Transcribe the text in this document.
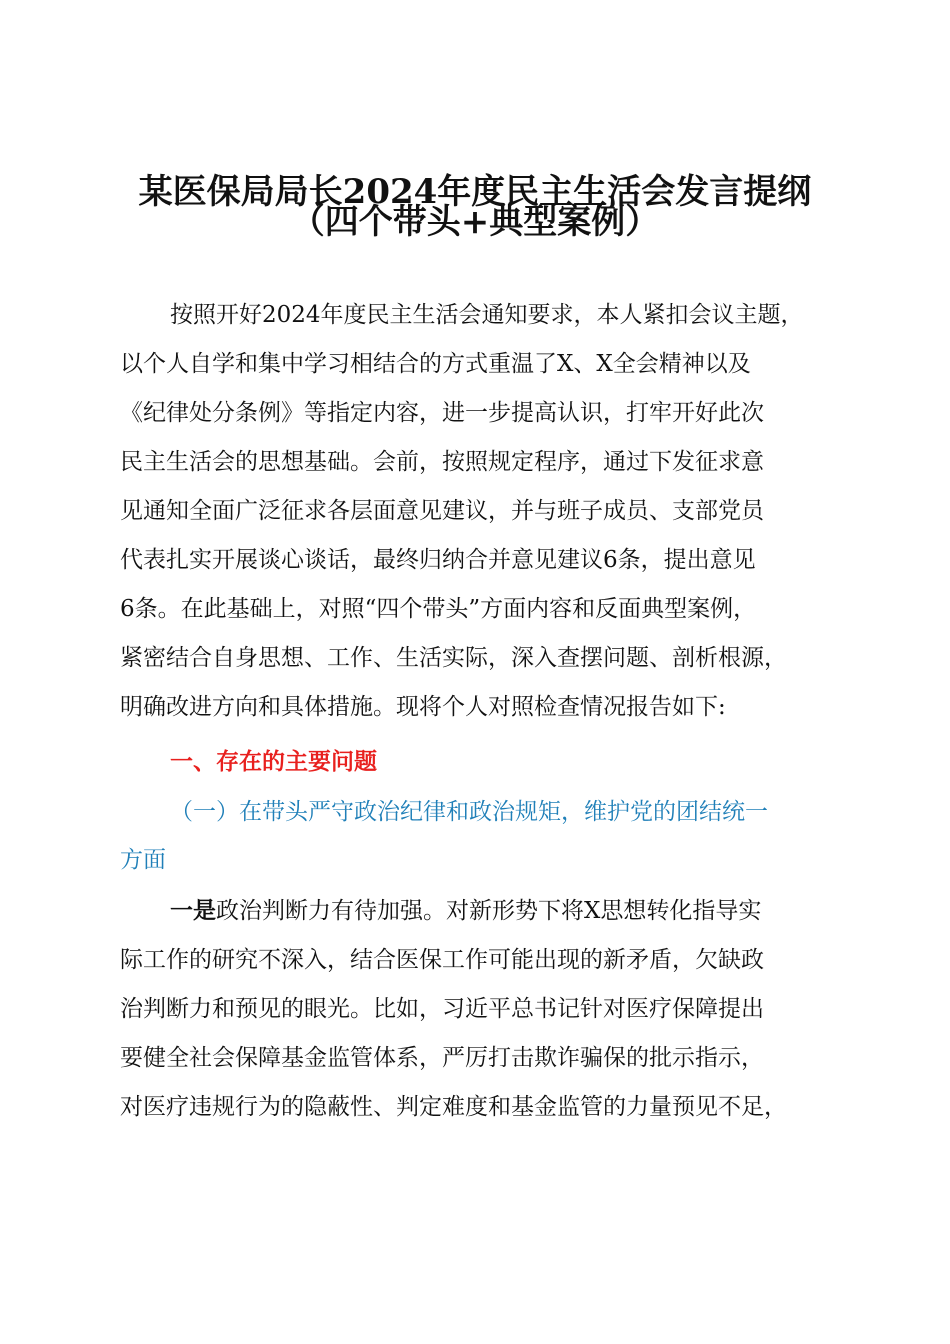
某医保局局长2024年度民主生活会发言提纲
（四个带头+典型案例）
按照开好2024年度民主生活会通知要求，本人紧扣会议主题，
以个人自学和集中学习相结合的方式重温了X、X全会精神以及
《纪律处分条例》等指定内容，进一步提高认识，打牢开好此次
民主生活会的思想基础。会前，按照规定程序，通过下发征求意
见通知全面广泛征求各层面意见建议，并与班子成员、支部党员
代表扎实开展谈心谈话，最终归纳合并意见建议6条，提出意见
6条。在此基础上，对照“四个带头”方面内容和反面典型案例，
紧密结合自身思想、工作、生活实际，深入查摆问题、剖析根源，
明确改进方向和具体措施。现将个人对照检查情况报告如下:
一、存在的主要问题
（一）在带头严守政治纪律和政治规矩，维护党的团结统一
方面
一是政治判断力有待加强。对新形势下将X思想转化指导实
际工作的研究不深入，结合医保工作可能出现的新矛盾，欠缺政
治判断力和预见的眼光。比如，习近平总书记针对医疗保障提出
要健全社会保障基金监管体系，严厉打击欺诈骗保的批示指示，
对医疗违规行为的隐蔽性、判定难度和基金监管的力量预见不足，
